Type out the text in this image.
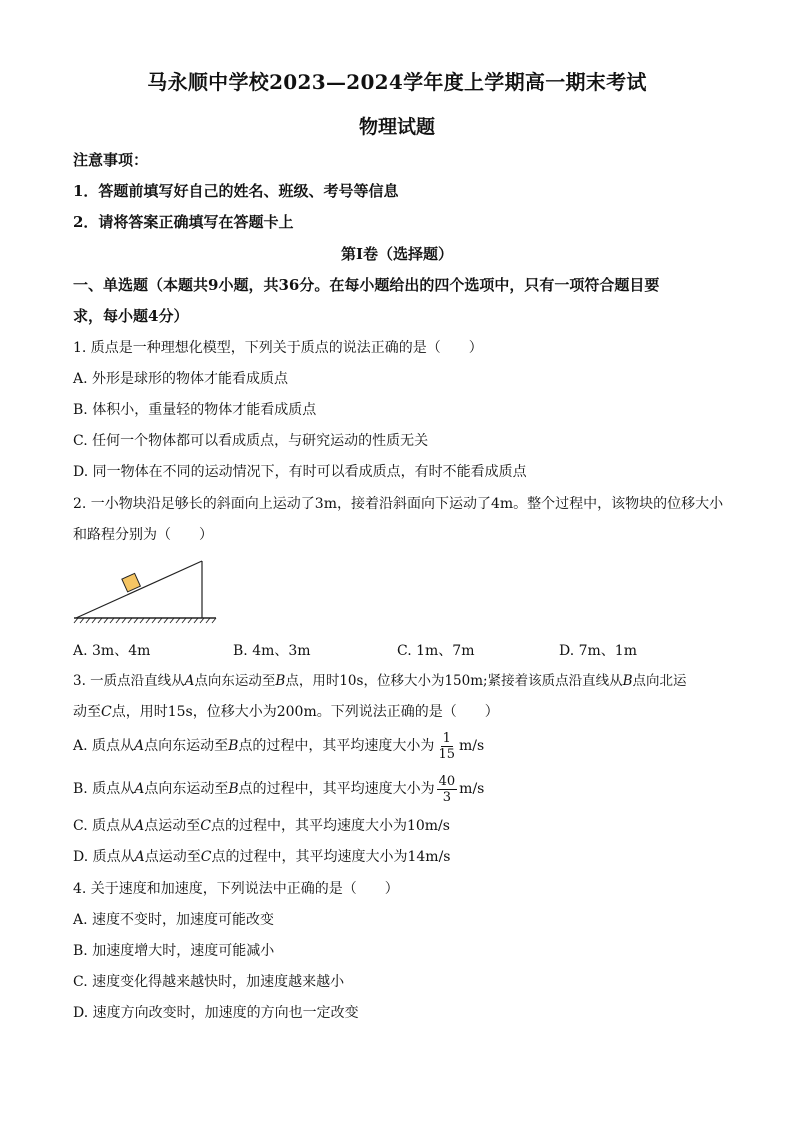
马永顺中学校2023—2024学年度上学期高一期末考试
物理试题
注意事项：
1．答题前填写好自己的姓名、班级、考号等信息
2．请将答案正确填写在答题卡上
第Ⅰ卷（选择题）
一、单选题（本题共9小题，共36分。在每小题给出的四个选项中，只有一项符合题目要
求，每小题4分）
1. 质点是一种理想化模型，下列关于质点的说法正确的是（　　）
A. 外形是球形的物体才能看成质点
B. 体积小，重量轻的物体才能看成质点
C. 任何一个物体都可以看成质点，与研究运动的性质无关
D. 同一物体在不同的运动情况下，有时可以看成质点，有时不能看成质点
2. 一小物块沿足够长的斜面向上运动了3m，接着沿斜面向下运动了4m。整个过程中，该物块的位移大小
和路程分别为（　　）
A. 3m、4m	B. 4m、3m	C. 1m、7m	D. 7m、1m
3. 一质点沿直线从A点向东运动至B点，用时10s，位移大小为150m;紧接着该质点沿直线从B点向北运
动至C点，用时15s，位移大小为200m。下列说法正确的是（　　）
A. 质点从A点向东运动至B点的过程中，其平均速度大小为 $\frac{1}{15} m/s$
B. 质点从A点向东运动至B点的过程中，其平均速度大小为 $\frac{40}{3} m/s$
C. 质点从A点运动至C点的过程中，其平均速度大小为10m/s
D. 质点从A点运动至C点的过程中，其平均速度大小为14m/s
4. 关于速度和加速度，下列说法中正确的是（　　）
A. 速度不变时，加速度可能改变
B. 加速度增大时，速度可能减小
C. 速度变化得越来越快时，加速度越来越小
D. 速度方向改变时，加速度的方向也一定改变
